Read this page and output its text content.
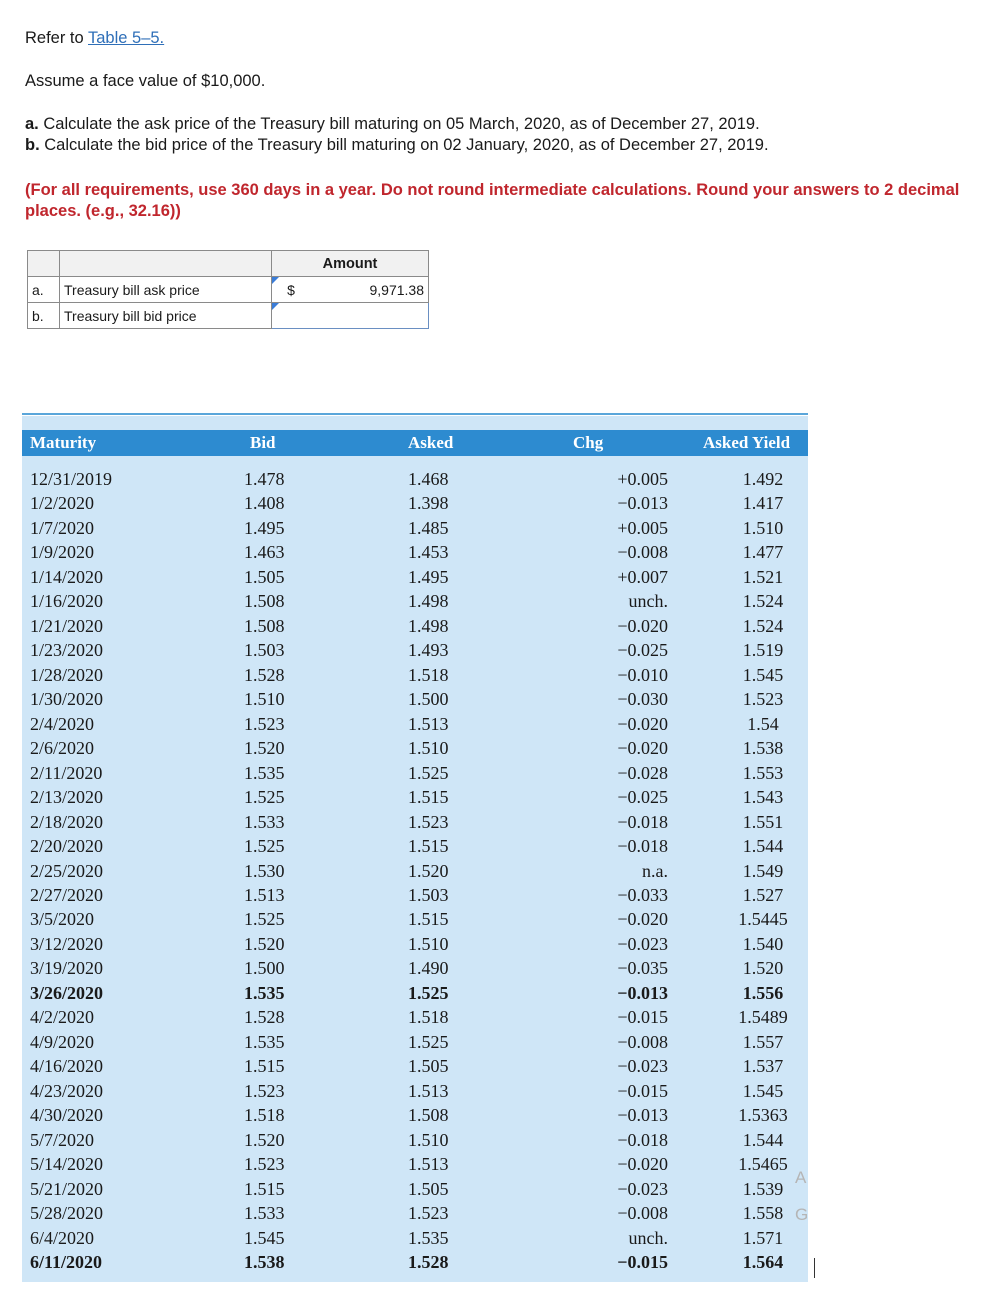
Refer to Table 5–5.

Assume a face value of $10,000.

a. Calculate the ask price of the Treasury bill maturing on 05 March, 2020, as of December 27, 2019.

b. Calculate the bid price of the Treasury bill maturing on 02 January, 2020, as of December 27, 2019.

(For all requirements, use 360 days in a year. Do not round intermediate calculations. Round your answers to 2 decimal places. (e.g., 32.16))
		Amount	
a.	Treasury bill ask price	$	9,971.38
b.	Treasury bill bid price		
Maturity	Bid	Asked	Chg	Asked Yield
12/31/2019	1.478	1.468	+0.005	1.492
1/2/2020	1.408	1.398	−0.013	1.417
1/7/2020	1.495	1.485	+0.005	1.510
1/9/2020	1.463	1.453	−0.008	1.477
1/14/2020	1.505	1.495	+0.007	1.521
1/16/2020	1.508	1.498	unch.	1.524
1/21/2020	1.508	1.498	−0.020	1.524
1/23/2020	1.503	1.493	−0.025	1.519
1/28/2020	1.528	1.518	−0.010	1.545
1/30/2020	1.510	1.500	−0.030	1.523
2/4/2020	1.523	1.513	−0.020	1.54
2/6/2020	1.520	1.510	−0.020	1.538
2/11/2020	1.535	1.525	−0.028	1.553
2/13/2020	1.525	1.515	−0.025	1.543
2/18/2020	1.533	1.523	−0.018	1.551
2/20/2020	1.525	1.515	−0.018	1.544
2/25/2020	1.530	1.520	n.a.	1.549
2/27/2020	1.513	1.503	−0.033	1.527
3/5/2020	1.525	1.515	−0.020	1.5445
3/12/2020	1.520	1.510	−0.023	1.540
3/19/2020	1.500	1.490	−0.035	1.520
3/26/2020	1.535	1.525	−0.013	1.556
4/2/2020	1.528	1.518	−0.015	1.5489
4/9/2020	1.535	1.525	−0.008	1.557
4/16/2020	1.515	1.505	−0.023	1.537
4/23/2020	1.523	1.513	−0.015	1.545
4/30/2020	1.518	1.508	−0.013	1.5363
5/7/2020	1.520	1.510	−0.018	1.544
5/14/2020	1.523	1.513	−0.020	1.5465
5/21/2020	1.515	1.505	−0.023	1.539
5/28/2020	1.533	1.523	−0.008	1.558
6/4/2020	1.545	1.535	unch.	1.571
6/11/2020	1.538	1.528	−0.015	1.564
A
G
